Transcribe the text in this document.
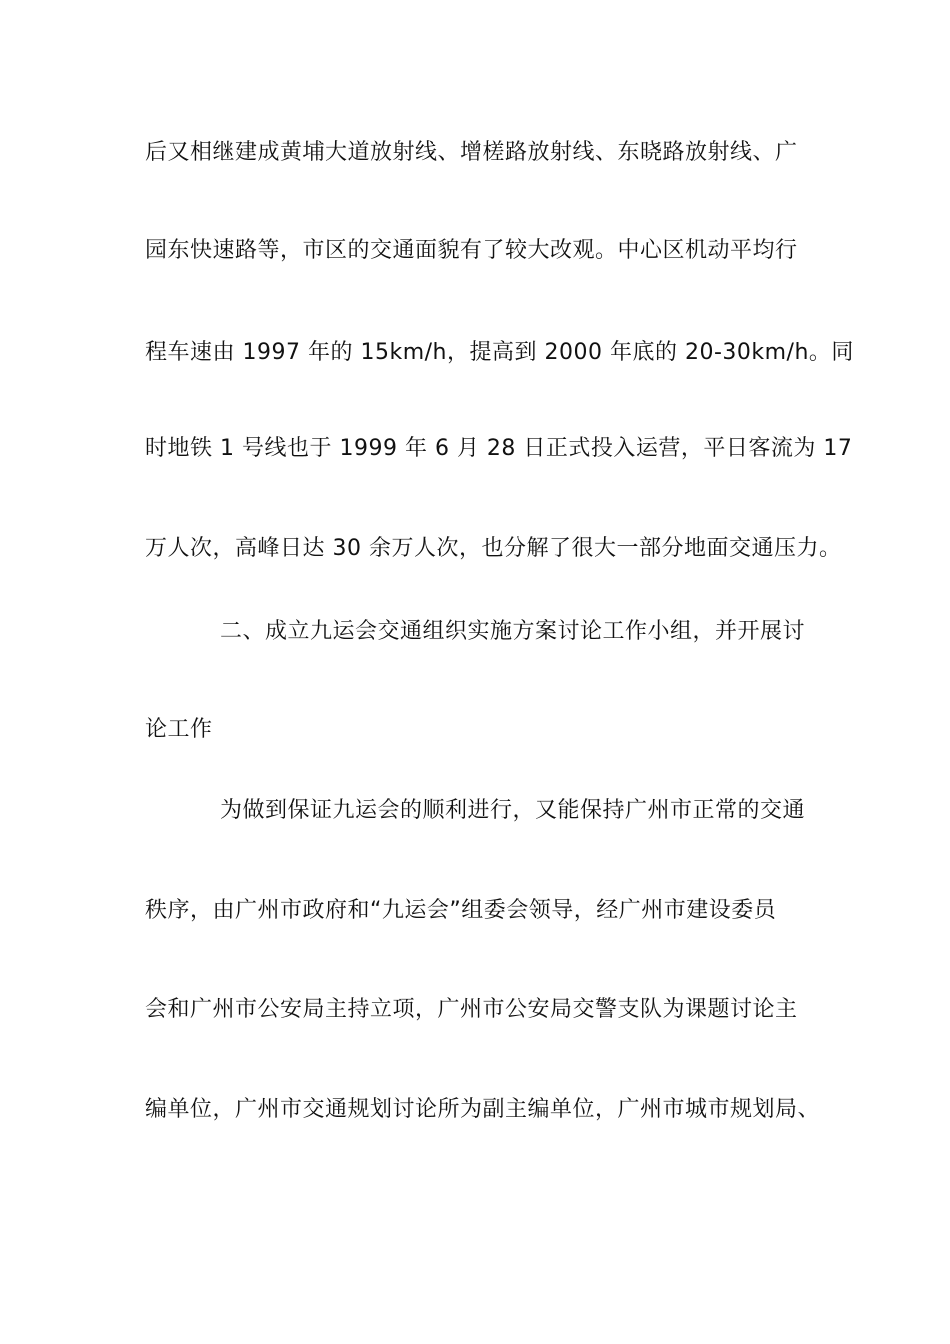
后又相继建成黄埔大道放射线、增槎路放射线、东晓路放射线、广
园东快速路等，市区的交通面貌有了较大改观。中心区机动平均行
程车速由 1997 年的 15km/h，提高到 2000 年底的 20-30km/h。同
时地铁 1 号线也于 1999 年 6 月 28 日正式投入运营，平日客流为 17
万人次，高峰日达 30 余万人次，也分解了很大一部分地面交通压力。
二、成立九运会交通组织实施方案讨论工作小组，并开展讨
论工作
为做到保证九运会的顺利进行，又能保持广州市正常的交通
秩序，由广州市政府和“九运会”组委会领导，经广州市建设委员
会和广州市公安局主持立项，广州市公安局交警支队为课题讨论主
编单位，广州市交通规划讨论所为副主编单位，广州市城市规划局、
